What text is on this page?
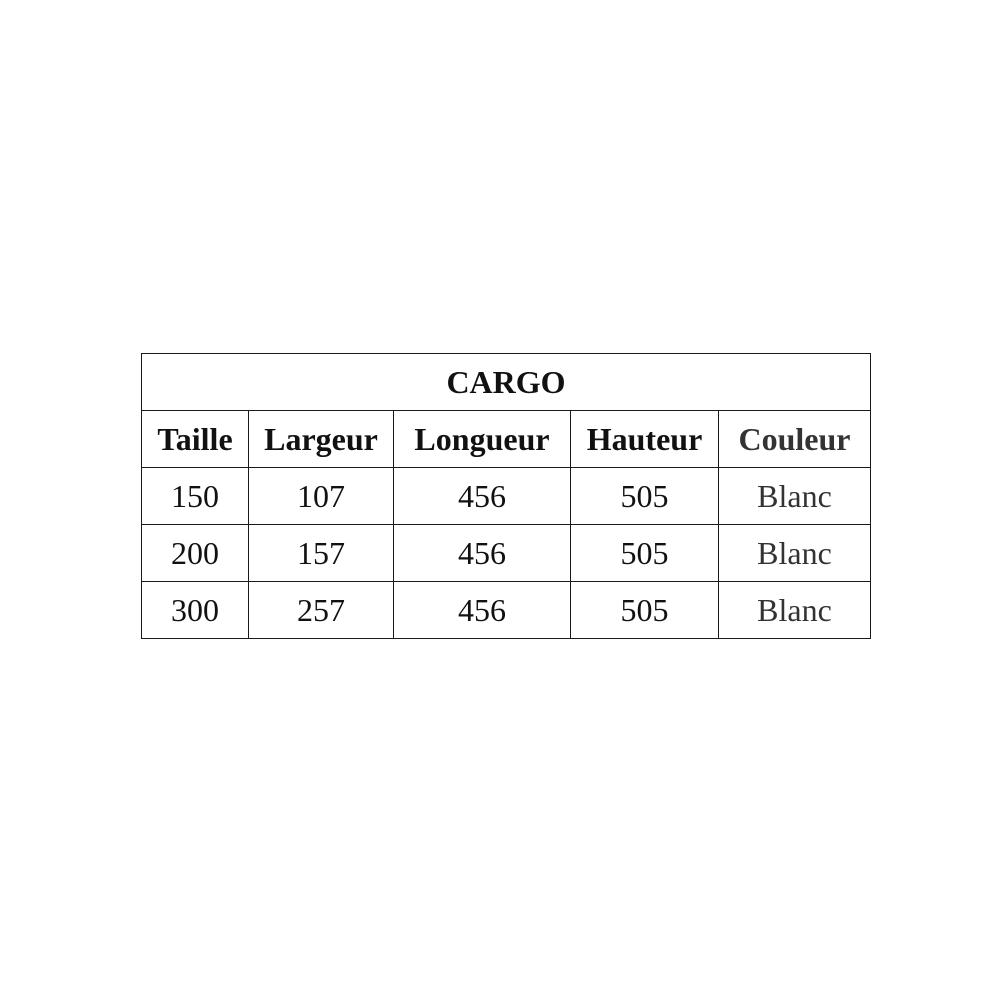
CARGO				
Taille	Largeur	Longueur	Hauteur	Couleur
150	107	456	505	Blanc
200	157	456	505	Blanc
300	257	456	505	Blanc
